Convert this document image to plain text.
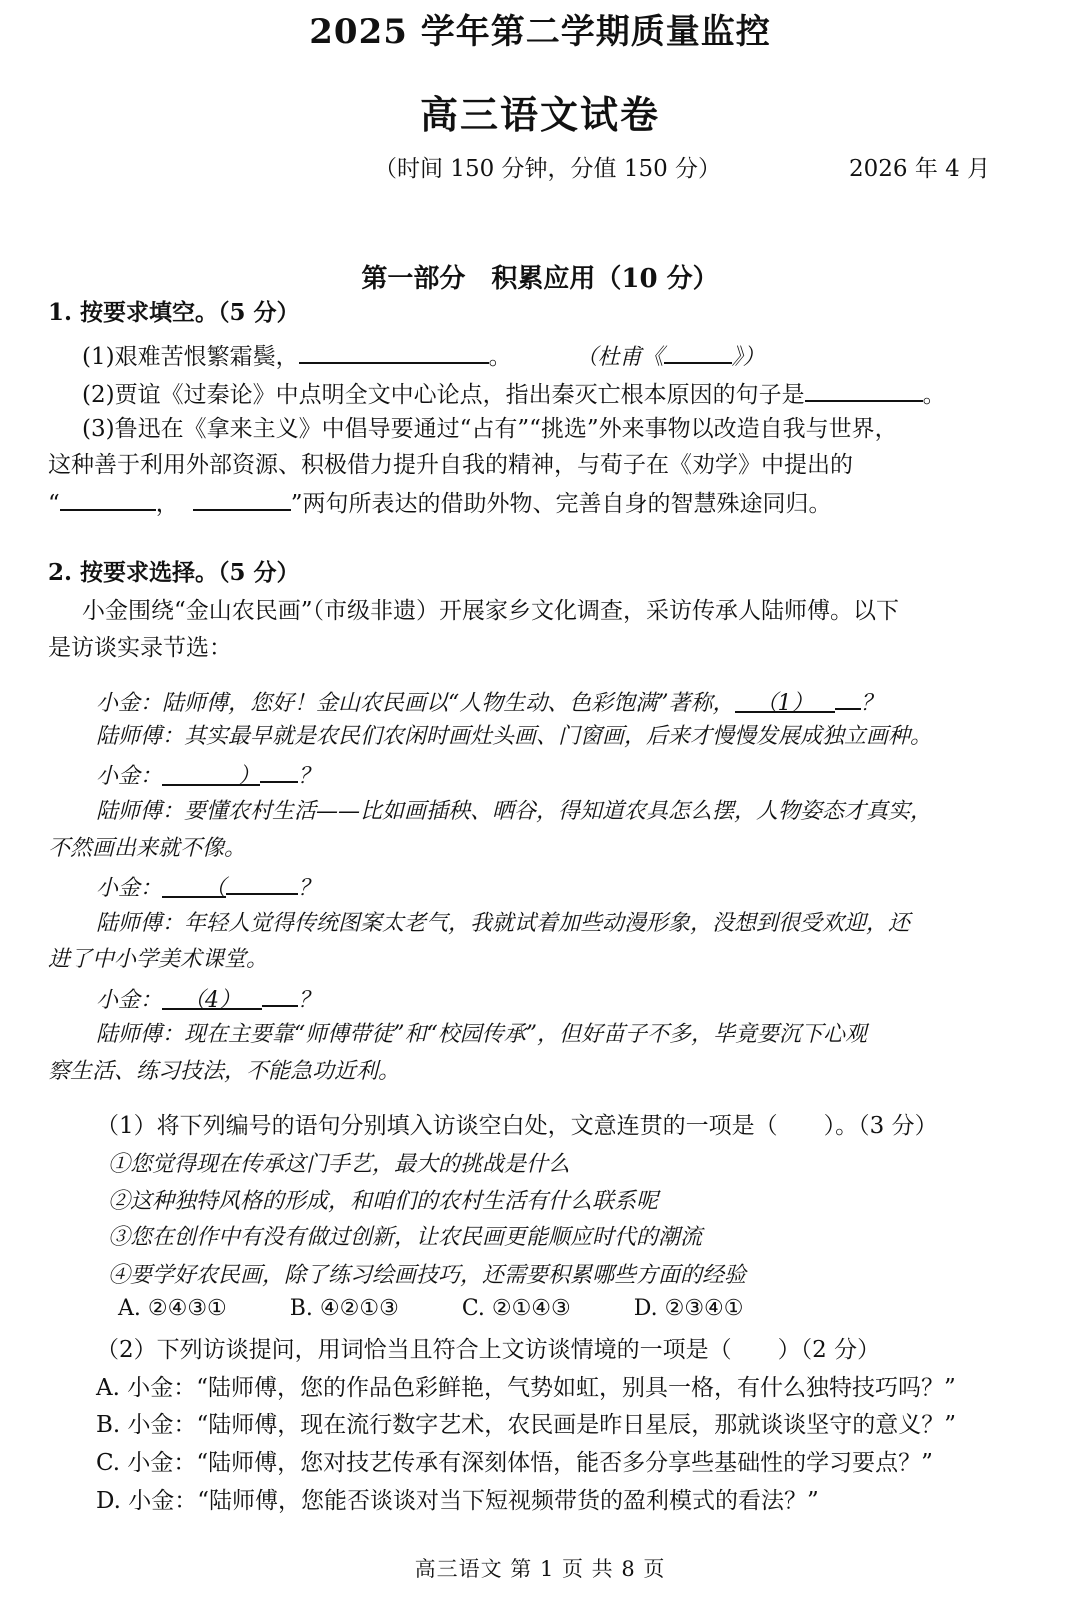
2025 学年第二学期质量监控
高三语文试卷
（时间 150 分钟，分值 150 分）	2026 年 4 月
第一部分　积累应用（10 分）
1. 按要求填空。（5 分）
(1)艰难苦恨繁霜鬓，	。	（杜甫《	》）
(2)贾谊《过秦论》中点明全文中心论点，指出秦灭亡根本原因的句子是	。
(3)鲁迅在《拿来主义》中倡导要通过“占有”“挑选”外来事物以改造自我与世界，
这种善于利用外部资源、积极借力提升自我的精神，与荀子在《劝学》中提出的
“	，	”两句所表达的借助外物、完善自身的智慧殊途同归。
2. 按要求选择。（5 分）
小金围绕“金山农民画”（市级非遗）开展家乡文化调查，采访传承人陆师傅。以下
是访谈实录节选：
小金：陆师傅，您好！金山农民画以“人物生动、色彩饱满”著称， （1） ？
陆师傅：其实最早就是农民们农闲时画灶头画、门窗画，后来才慢慢发展成独立画种。
小金：	） ？
陆师傅：要懂农村生活——比如画插秧、晒谷，得知道农具怎么摆，人物姿态才真实，
不然画出来就不像。
小金： （	？
陆师傅：年轻人觉得传统图案太老气，我就试着加些动漫形象，没想到很受欢迎，还
进了中小学美术课堂。
小金： （4）	？
陆师傅：现在主要靠“师傅带徒”和“校园传承”，但好苗子不多，毕竟要沉下心观
察生活、练习技法，不能急功近利。
（1）将下列编号的语句分别填入访谈空白处，文意连贯的一项是（　　）。（3 分）
①您觉得现在传承这门手艺，最大的挑战是什么
②这种独特风格的形成，和咱们的农村生活有什么联系呢
③您在创作中有没有做过创新，让农民画更能顺应时代的潮流
④要学好农民画，除了练习绘画技巧，还需要积累哪些方面的经验
A. ②④③①	B. ④②①③	C. ②①④③	D. ②③④①
（2）下列访谈提问，用词恰当且符合上文访谈情境的一项是（　　）（2 分）
A. 小金：“陆师傅，您的作品色彩鲜艳，气势如虹，别具一格，有什么独特技巧吗？”
B. 小金：“陆师傅，现在流行数字艺术，农民画是昨日星辰，那就谈谈坚守的意义？”
C. 小金：“陆师傅，您对技艺传承有深刻体悟，能否多分享些基础性的学习要点？”
D. 小金：“陆师傅，您能否谈谈对当下短视频带货的盈利模式的看法？”
高三语文 第 1 页 共 8 页
